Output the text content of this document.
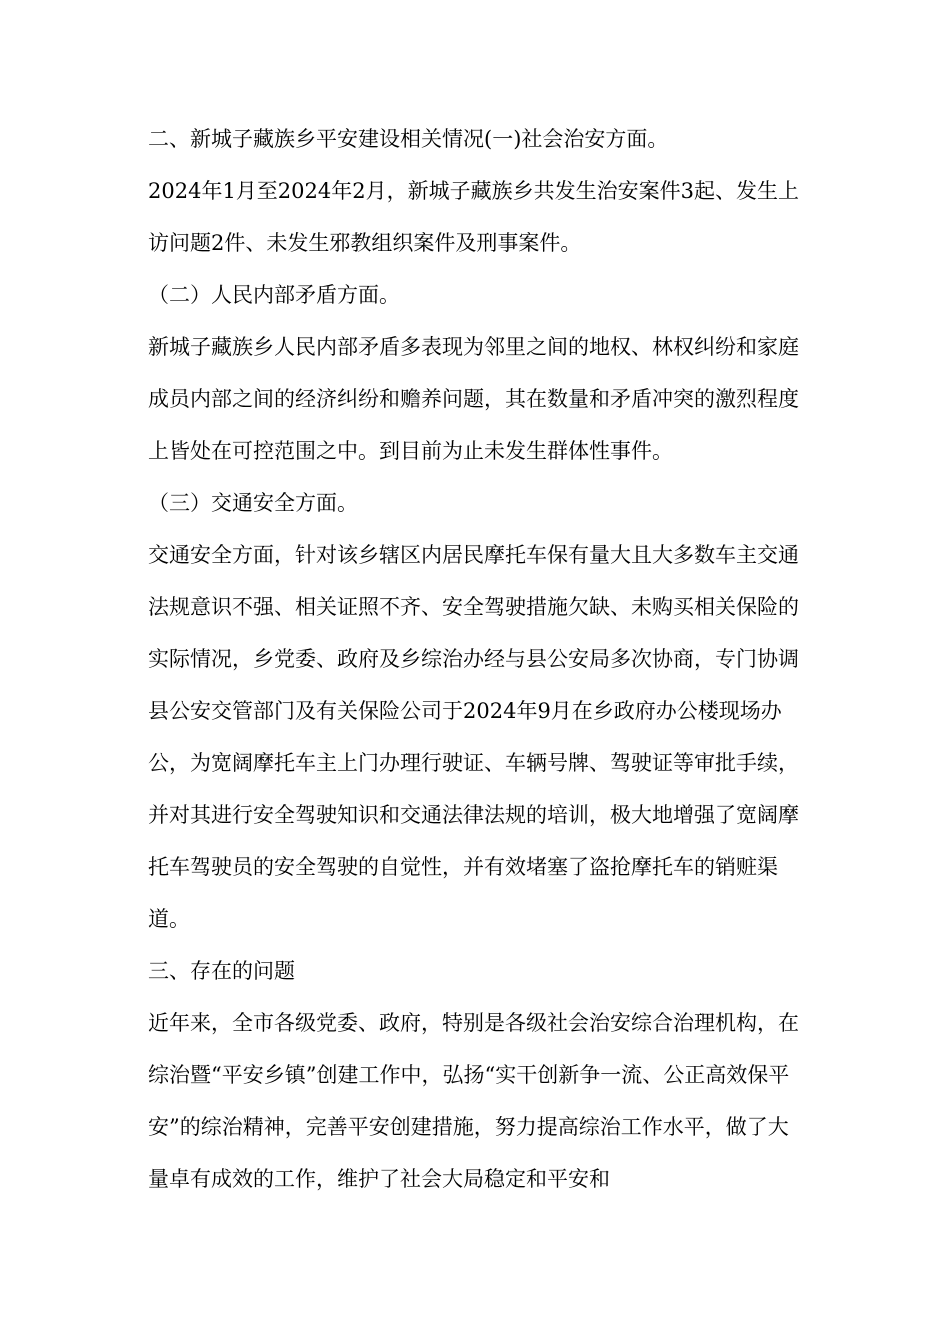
二、新城子藏族乡平安建设相关情况(一)社会治安方面。

2024年1月至2024年2月，新城子藏族乡共发生治安案件3起、发生上访问题2件、未发生邪教组织案件及刑事案件。

（二）人民内部矛盾方面。

新城子藏族乡人民内部矛盾多表现为邻里之间的地权、林权纠纷和家庭成员内部之间的经济纠纷和赡养问题，其在数量和矛盾冲突的激烈程度上皆处在可控范围之中。到目前为止未发生群体性事件。

（三）交通安全方面。

交通安全方面，针对该乡辖区内居民摩托车保有量大且大多数车主交通法规意识不强、相关证照不齐、安全驾驶措施欠缺、未购买相关保险的实际情况，乡党委、政府及乡综治办经与县公安局多次协商，专门协调县公安交管部门及有关保险公司于2024年9月在乡政府办公楼现场办公，为宽阔摩托车主上门办理行驶证、车辆号牌、驾驶证等审批手续，并对其进行安全驾驶知识和交通法律法规的培训，极大地增强了宽阔摩托车驾驶员的安全驾驶的自觉性，并有效堵塞了盗抢摩托车的销赃渠道。

三、存在的问题

近年来，全市各级党委、政府，特别是各级社会治安综合治理机构，在综治暨“平安乡镇”创建工作中，弘扬“实干创新争一流、公正高效保平安”的综治精神，完善平安创建措施，努力提高综治工作水平，做了大量卓有成效的工作，维护了社会大局稳定和平安和
